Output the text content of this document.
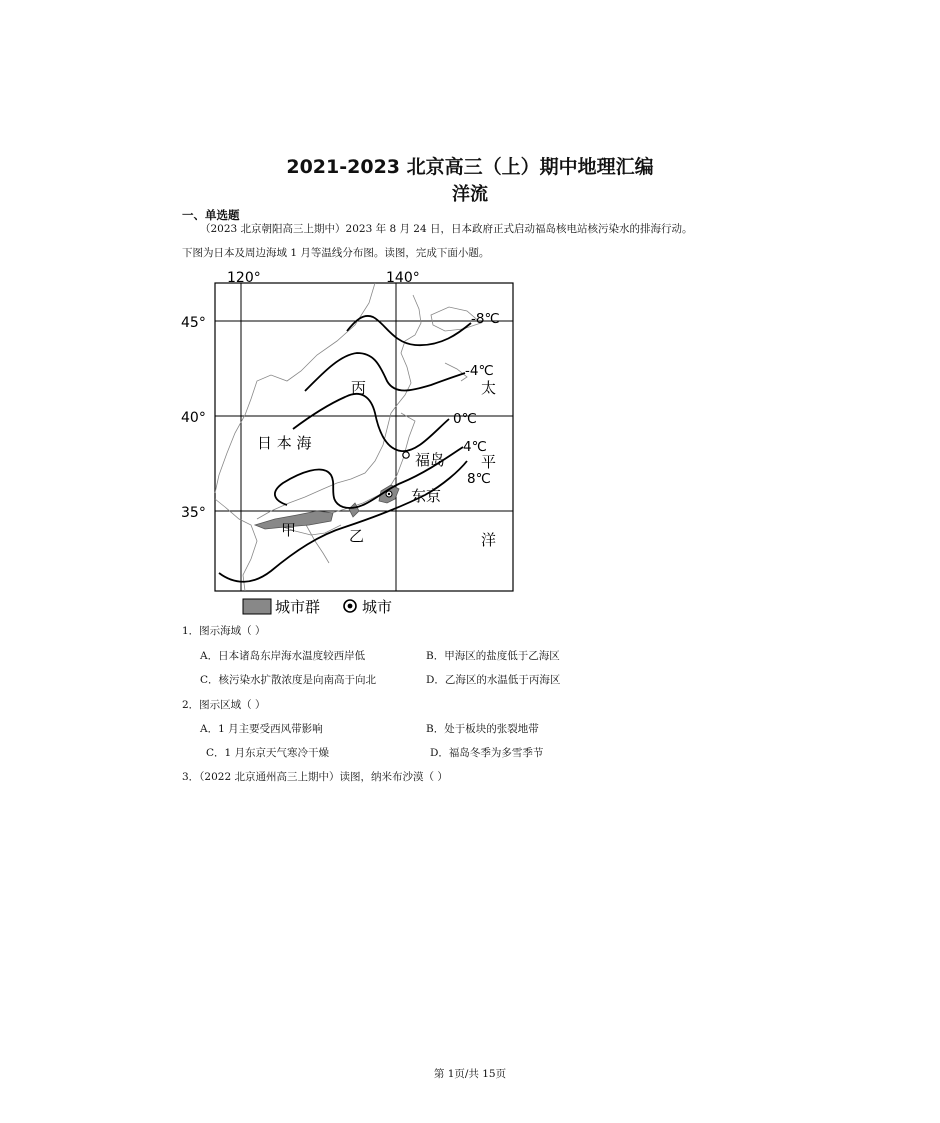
2021-2023 北京高三（上）期中地理汇编
洋流
一、单选题
（2023 北京朝阳高三上期中）2023 年 8 月 24 日，日本政府正式启动福岛核电站核污染水的排海行动。
下图为日本及周边海域 1 月等温线分布图。读图，完成下面小题。
120°	140°
45°
40°
35°
-8℃
-4℃
0℃
4℃
8℃
丙
日 本 海
福岛
东京
甲	乙
太
平
洋
城市群	城市
1．图示海域（ ）
A．日本诸岛东岸海水温度较西岸低	B．甲海区的盐度低于乙海区
C．核污染水扩散浓度是向南高于向北	D．乙海区的水温低于丙海区
2．图示区域（ ）
A．1 月主要受西风带影响	B．处于板块的张裂地带
C．1 月东京天气寒冷干燥	D．福岛冬季为多雪季节
3．（2022 北京通州高三上期中）读图，纳米布沙漠（ ）
第 1页/共 15页
